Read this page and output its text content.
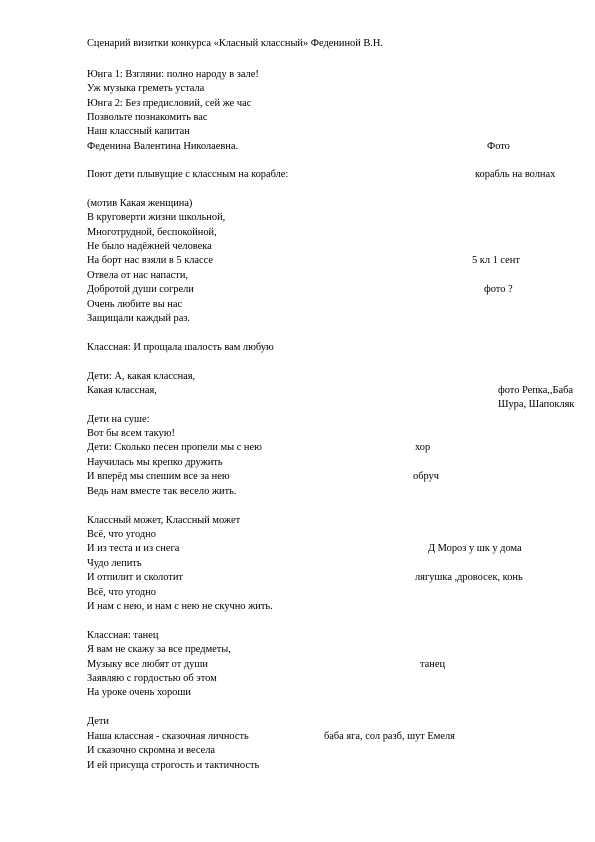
Сценарий визитки конкурса «Класный классный» Федениной В.Н.
Юнга 1: Взгляни: полно народу в зале!
Уж музыка греметь устала
Юнга 2: Без предисловий, сей же час
Позвольте познакомить вас
Наш классный капитан
Феденина Валентина Николаевна.	Фото
Поют дети плывущие с классным на корабле:	корабль на волнах
(мотив Какая женщина)
В круговерти жизни школьной,
Многотрудной, беспокойной,
Не было надёжней человека
На борт нас взяли в 5 классе	5 кл 1 сент
Отвела от нас напасти,
Добротой души согрели	фото ?
Очень любите вы нас
Защищали каждый раз.
Классная: И прощала шалость вам любую
Дети: А, какая классная,
Какая классная,	фото Репка,,Баба
Шура, Шапокляк
Дети на суше:
Вот бы всем такую!
Дети: Сколько песен пропели мы с нею	хор
Научилась мы крепко дружить
И вперёд мы спешим все за нею	обруч
Ведь нам вместе так весело жить.
Классный может, Классный может
Всё, что угодно
И из теста и из снега	Д Мороз у шк у дома
Чудо лепить
И отпилит и сколотит	лягушка ,дровосек, конь
Всё, что угодно
И нам с нею, и нам с нею не скучно жить.
Классная: танец
Я вам не скажу за все предметы,
Музыку все любят от души	танец
Заявляю с гордостью об этом
На уроке очень хороши
Дети
Наша классная - сказочная личность	баба яга, сол разб, шут Емеля
И сказочно скромна и весела
И ей присуща строгость и тактичность
